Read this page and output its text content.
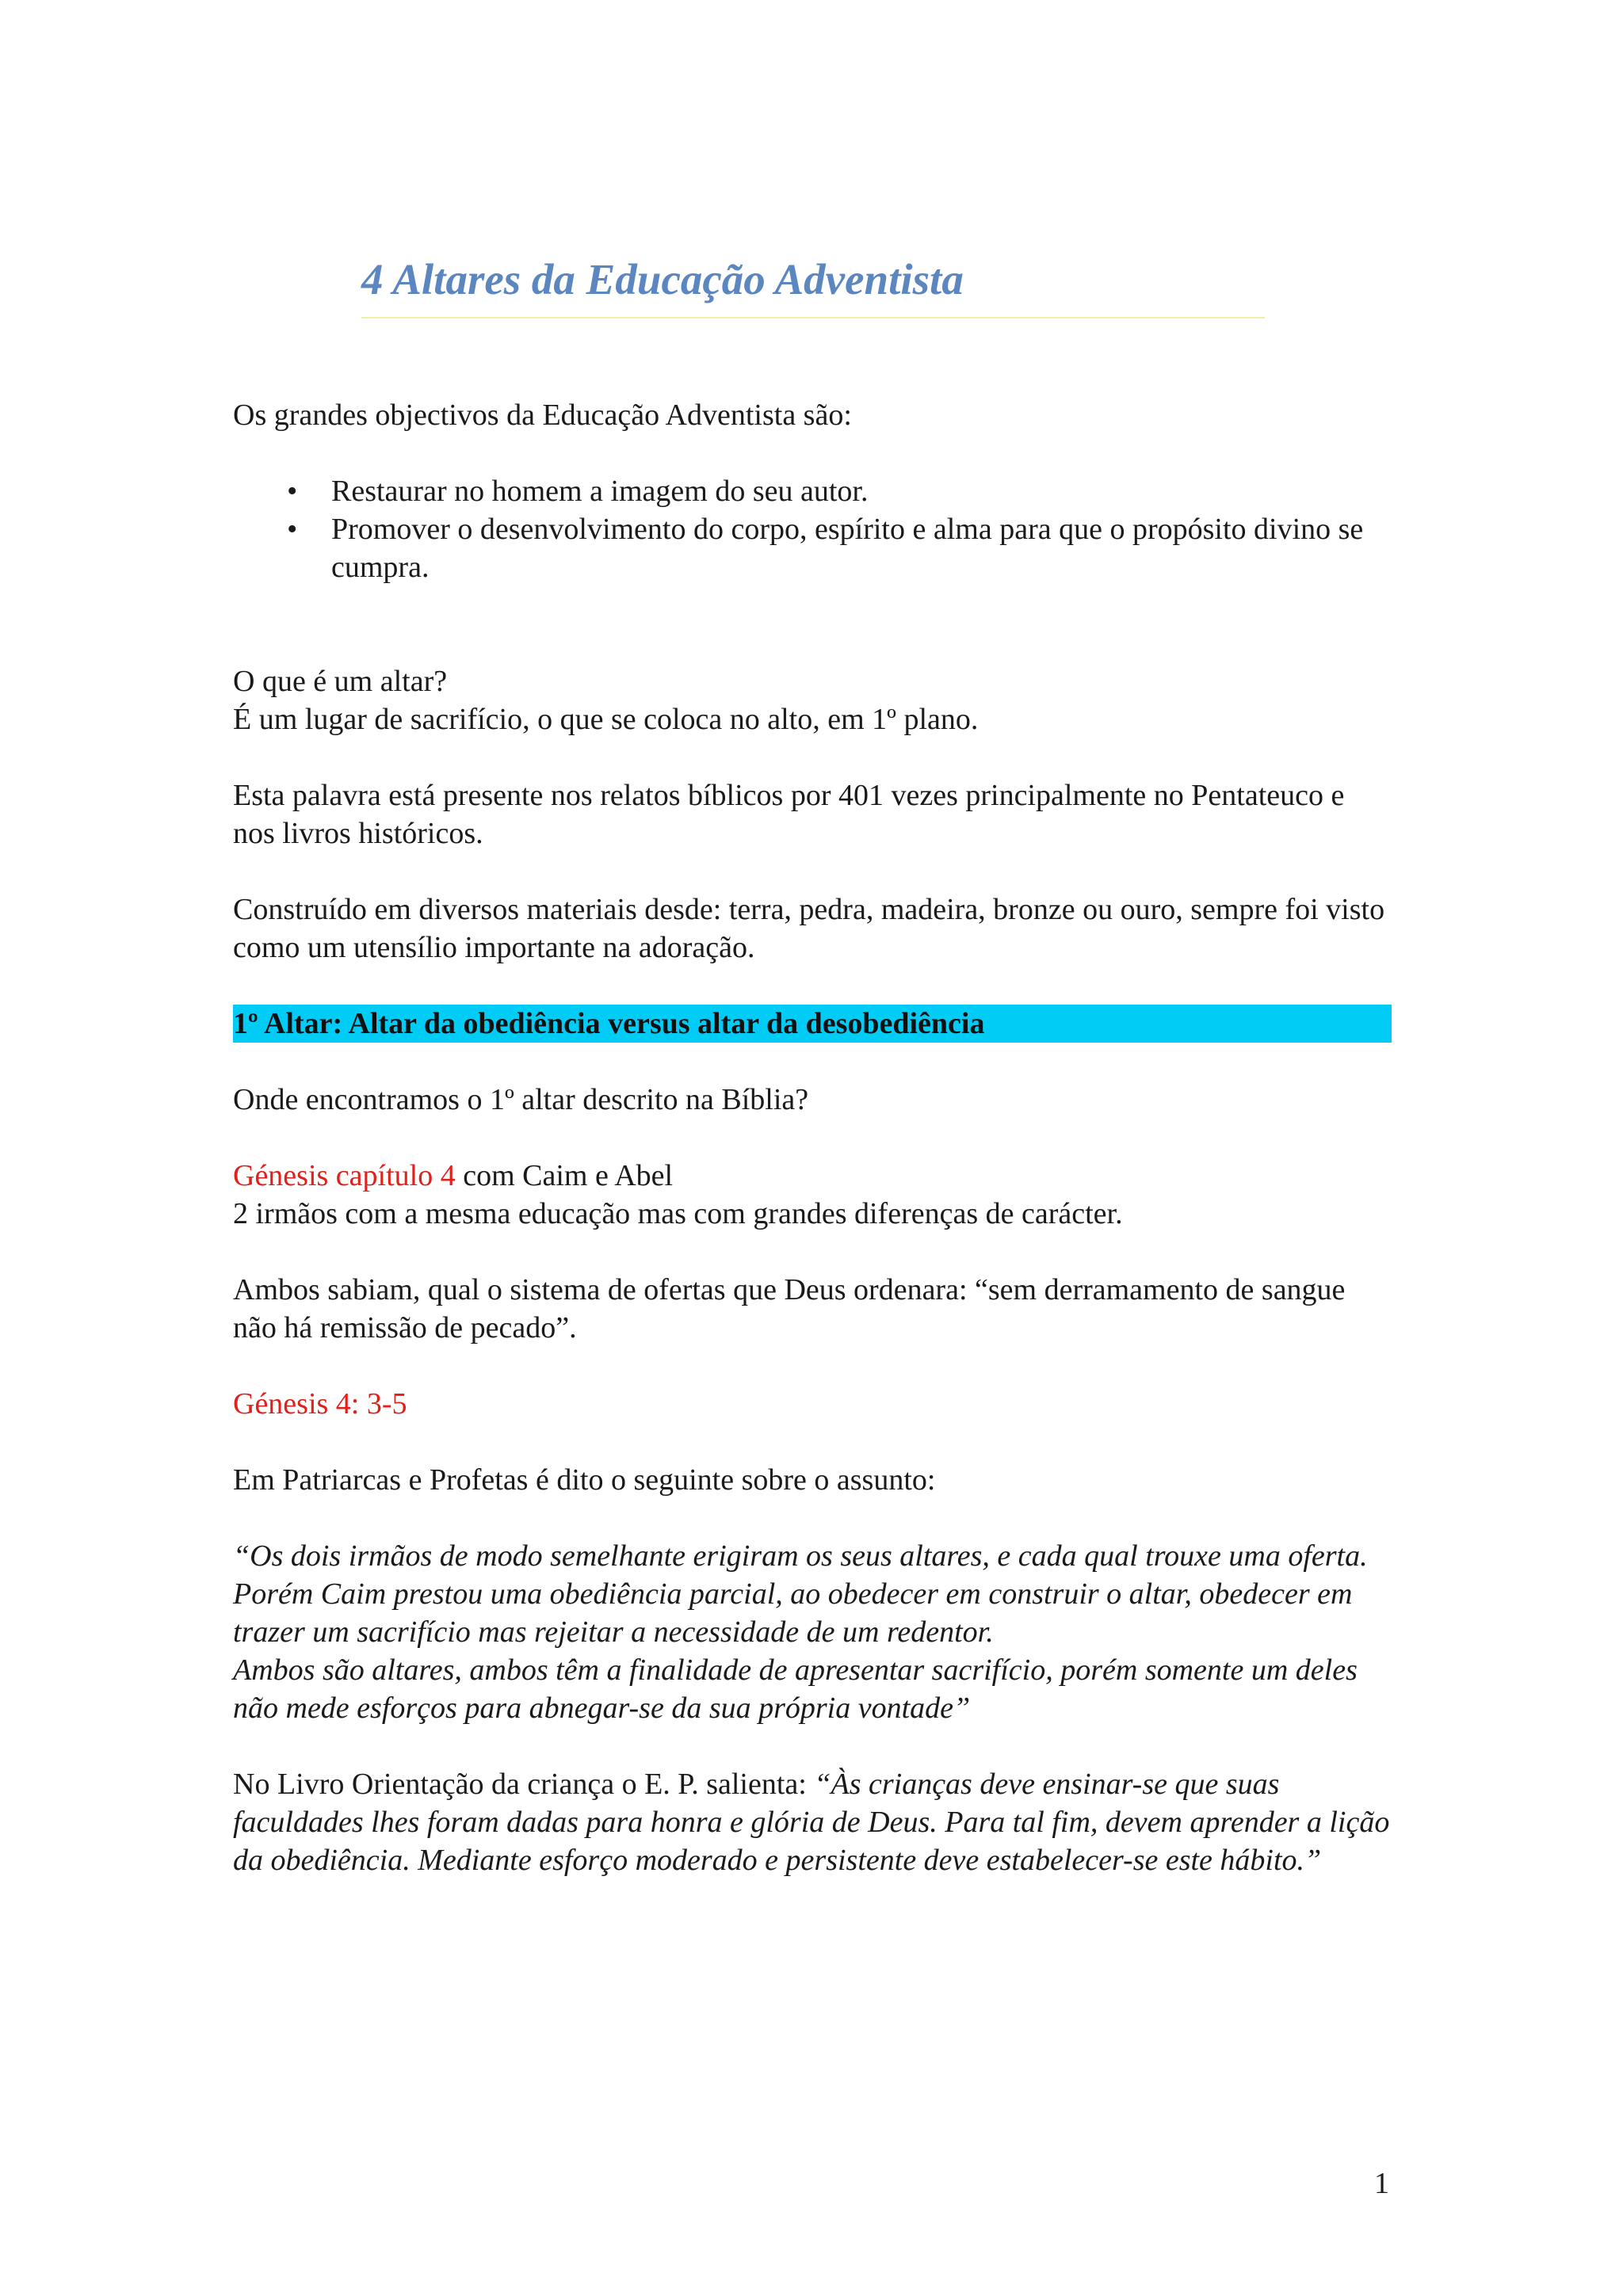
4 Altares da Educação Adventista

Os grandes objectivos da Educação Adventista são:

• Restaurar no homem a imagem do seu autor.
• Promover o desenvolvimento do corpo, espírito e alma para que o propósito divino se cumpra.

O que é um altar?

É um lugar de sacrifício, o que se coloca no alto, em 1º plano.

Esta palavra está presente nos relatos bíblicos por 401 vezes principalmente no Pentateuco e nos livros históricos.

Construído em diversos materiais desde: terra, pedra, madeira, bronze ou ouro, sempre foi visto como um utensílio importante na adoração.

1º Altar: Altar da obediência versus altar da desobediência

Onde encontramos o 1º altar descrito na Bíblia?

Génesis capítulo 4 com Caim e Abel

2 irmãos com a mesma educação mas com grandes diferenças de carácter.

Ambos sabiam, qual o sistema de ofertas que Deus ordenara: “sem derramamento de sangue não há remissão de pecado”.

Génesis 4: 3-5

Em Patriarcas e Profetas é dito o seguinte sobre o assunto:

“Os dois irmãos de modo semelhante erigiram os seus altares, e cada qual trouxe uma oferta. Porém Caim prestou uma obediência parcial, ao obedecer em construir o altar, obedecer em trazer um sacrifício mas rejeitar a necessidade de um redentor.

Ambos são altares, ambos têm a finalidade de apresentar sacrifício, porém somente um deles não mede esforços para abnegar-se da sua própria vontade”

No Livro Orientação da criança o E. P. salienta: “Às crianças deve ensinar-se que suas faculdades lhes foram dadas para honra e glória de Deus. Para tal fim, devem aprender a lição da obediência. Mediante esforço moderado e persistente deve estabelecer-se este hábito.”

1
